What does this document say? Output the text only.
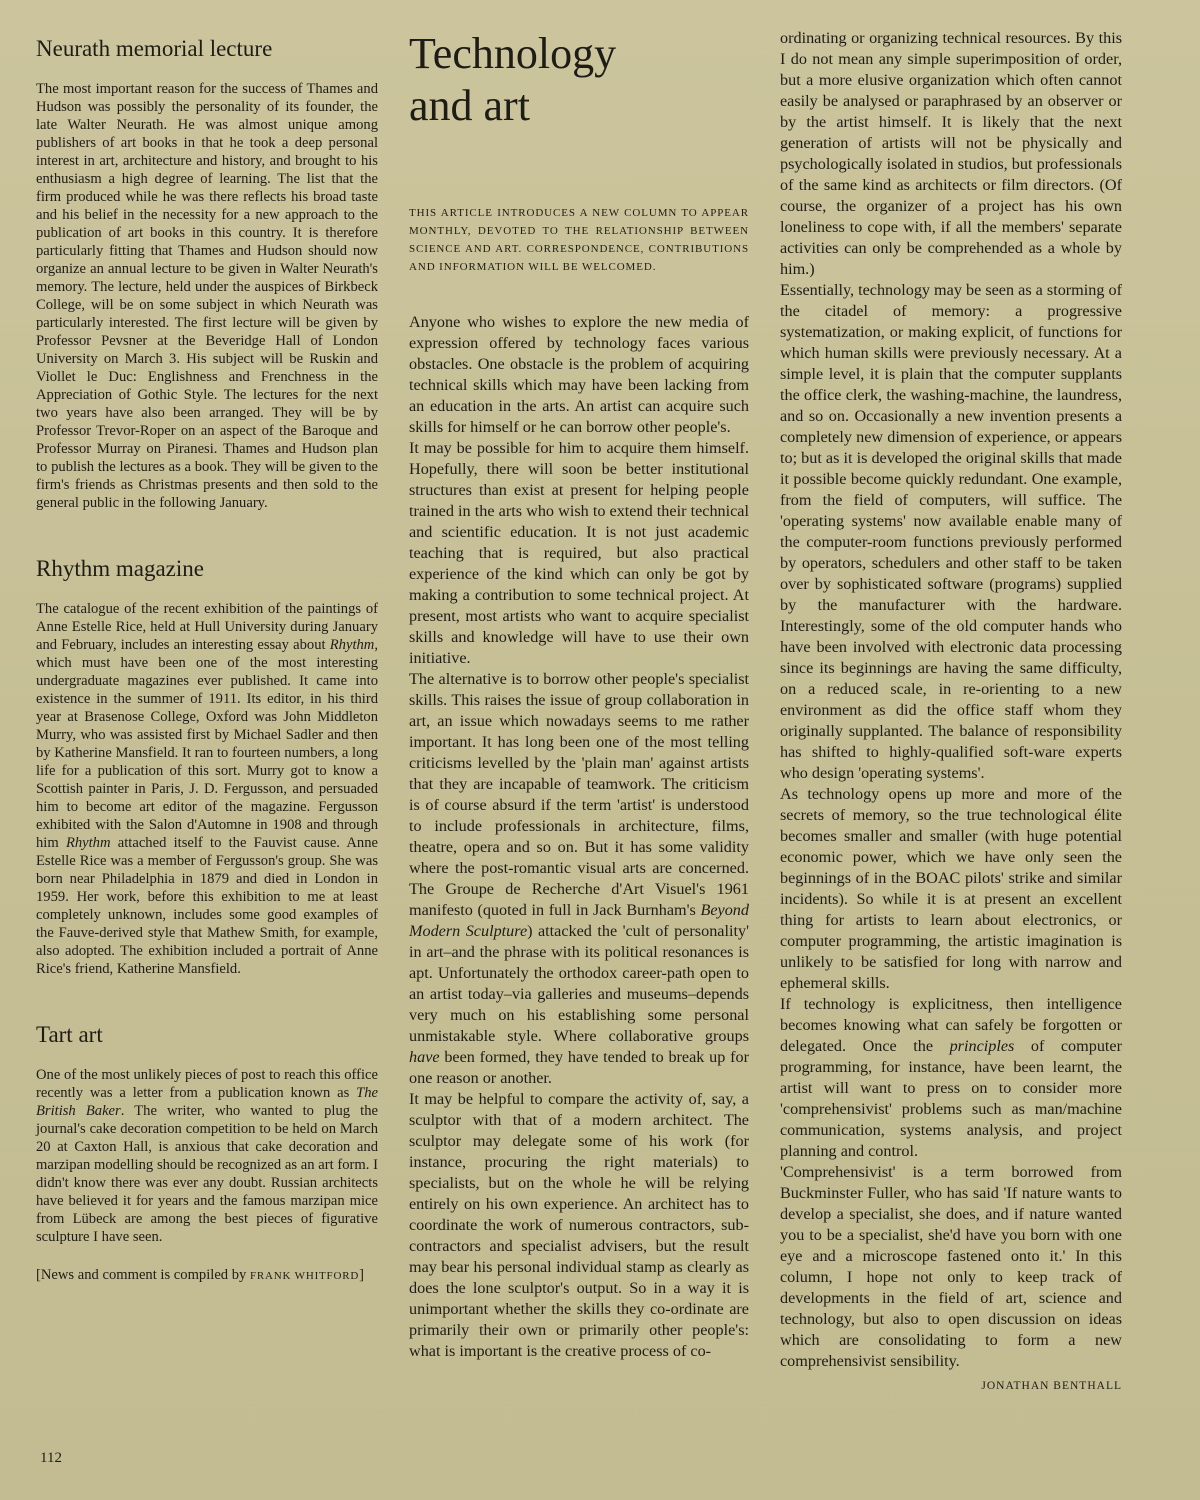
Neurath memorial lecture

The most important reason for the success of Thames and Hudson was possibly the personality of its founder, the late Walter Neurath. He was almost unique among publishers of art books in that he took a deep personal interest in art, architecture and history, and brought to his enthusiasm a high degree of learning. The list that the firm produced while he was there reflects his broad taste and his belief in the necessity for a new approach to the publication of art books in this country. It is therefore particularly fitting that Thames and Hudson should now organize an annual lecture to be given in Walter Neurath's memory. The lecture, held under the auspices of Birkbeck College, will be on some subject in which Neurath was particularly interested. The first lecture will be given by Professor Pevsner at the Beveridge Hall of London University on March 3. His subject will be Ruskin and Viollet le Duc: Englishness and Frenchness in the Appreciation of Gothic Style. The lectures for the next two years have also been arranged. They will be by Professor Trevor-Roper on an aspect of the Baroque and Professor Murray on Piranesi. Thames and Hudson plan to publish the lectures as a book. They will be given to the firm's friends as Christmas presents and then sold to the general public in the following January.

Rhythm magazine

The catalogue of the recent exhibition of the paintings of Anne Estelle Rice, held at Hull University during January and February, includes an interesting essay about Rhythm, which must have been one of the most interesting undergraduate magazines ever published. It came into existence in the summer of 1911. Its editor, in his third year at Brasenose College, Oxford was John Middleton Murry, who was assisted first by Michael Sadler and then by Katherine Mansfield. It ran to fourteen numbers, a long life for a publication of this sort. Murry got to know a Scottish painter in Paris, J. D. Fergusson, and persuaded him to become art editor of the magazine. Fergusson exhibited with the Salon d'Automne in 1908 and through him Rhythm attached itself to the Fauvist cause. Anne Estelle Rice was a member of Fergusson's group. She was born near Philadelphia in 1879 and died in London in 1959. Her work, before this exhibition to me at least completely unknown, includes some good examples of the Fauve-derived style that Mathew Smith, for example, also adopted. The exhibition included a portrait of Anne Rice's friend, Katherine Mansfield.

Tart art

One of the most unlikely pieces of post to reach this office recently was a letter from a publication known as The British Baker. The writer, who wanted to plug the journal's cake decoration competition to be held on March 20 at Caxton Hall, is anxious that cake decoration and marzipan modelling should be recognized as an art form. I didn't know there was ever any doubt. Russian architects have believed it for years and the famous marzipan mice from Lübeck are among the best pieces of figurative sculpture I have seen.

[News and comment is compiled by FRANK WHITFORD]

Technology
and art

THIS ARTICLE INTRODUCES A NEW COLUMN TO APPEAR MONTHLY, DEVOTED TO THE RELATIONSHIP BETWEEN SCIENCE AND ART. CORRESPONDENCE, CONTRIBUTIONS AND INFORMATION WILL BE WELCOMED.

Anyone who wishes to explore the new media of expression offered by technology faces various obstacles. One obstacle is the problem of acquiring technical skills which may have been lacking from an education in the arts. An artist can acquire such skills for himself or he can borrow other people's.

It may be possible for him to acquire them himself. Hopefully, there will soon be better institutional structures than exist at present for helping people trained in the arts who wish to extend their technical and scientific education. It is not just academic teaching that is required, but also practical experience of the kind which can only be got by making a contribution to some technical project. At present, most artists who want to acquire specialist skills and knowledge will have to use their own initiative.

The alternative is to borrow other people's specialist skills. This raises the issue of group collaboration in art, an issue which nowadays seems to me rather important. It has long been one of the most telling criticisms levelled by the 'plain man' against artists that they are incapable of teamwork. The criticism is of course absurd if the term 'artist' is understood to include professionals in architecture, films, theatre, opera and so on. But it has some validity where the post-romantic visual arts are concerned. The Groupe de Recherche d'Art Visuel's 1961 manifesto (quoted in full in Jack Burnham's Beyond Modern Sculpture) attacked the 'cult of personality' in art–and the phrase with its political resonances is apt. Unfortunately the orthodox career-path open to an artist today–via galleries and museums–depends very much on his establishing some personal unmistakable style. Where collaborative groups have been formed, they have tended to break up for one reason or another.

It may be helpful to compare the activity of, say, a sculptor with that of a modern architect. The sculptor may delegate some of his work (for instance, procuring the right materials) to specialists, but on the whole he will be relying entirely on his own experience. An architect has to coordinate the work of numerous contractors, sub-contractors and specialist advisers, but the result may bear his personal individual stamp as clearly as does the lone sculptor's output. So in a way it is unimportant whether the skills they co-ordinate are primarily their own or primarily other people's: what is important is the creative process of co-

ordinating or organizing technical resources. By this I do not mean any simple superimposition of order, but a more elusive organization which often cannot easily be analysed or paraphrased by an observer or by the artist himself. It is likely that the next generation of artists will not be physically and psychologically isolated in studios, but professionals of the same kind as architects or film directors. (Of course, the organizer of a project has his own loneliness to cope with, if all the members' separate activities can only be comprehended as a whole by him.)

Essentially, technology may be seen as a storming of the citadel of memory: a progressive systematization, or making explicit, of functions for which human skills were previously necessary. At a simple level, it is plain that the computer supplants the office clerk, the washing-machine, the laundress, and so on. Occasionally a new invention presents a completely new dimension of experience, or appears to; but as it is developed the original skills that made it possible become quickly redundant. One example, from the field of computers, will suffice. The 'operating systems' now available enable many of the computer-room functions previously performed by operators, schedulers and other staff to be taken over by sophisticated software (programs) supplied by the manufacturer with the hardware. Interestingly, some of the old computer hands who have been involved with electronic data processing since its beginnings are having the same difficulty, on a reduced scale, in re-orienting to a new environment as did the office staff whom they originally supplanted. The balance of responsibility has shifted to highly-qualified soft-ware experts who design 'operating systems'.

As technology opens up more and more of the secrets of memory, so the true technological élite becomes smaller and smaller (with huge potential economic power, which we have only seen the beginnings of in the BOAC pilots' strike and similar incidents). So while it is at present an excellent thing for artists to learn about electronics, or computer programming, the artistic imagination is unlikely to be satisfied for long with narrow and ephemeral skills.

If technology is explicitness, then intelligence becomes knowing what can safely be forgotten or delegated. Once the principles of computer programming, for instance, have been learnt, the artist will want to press on to consider more 'comprehensivist' problems such as man/machine communication, systems analysis, and project planning and control.

'Comprehensivist' is a term borrowed from Buckminster Fuller, who has said 'If nature wants to develop a specialist, she does, and if nature wanted you to be a specialist, she'd have you born with one eye and a microscope fastened onto it.' In this column, I hope not only to keep track of developments in the field of art, science and technology, but also to open discussion on ideas which are consolidating to form a new comprehensivist sensibility.

JONATHAN BENTHALL
112
